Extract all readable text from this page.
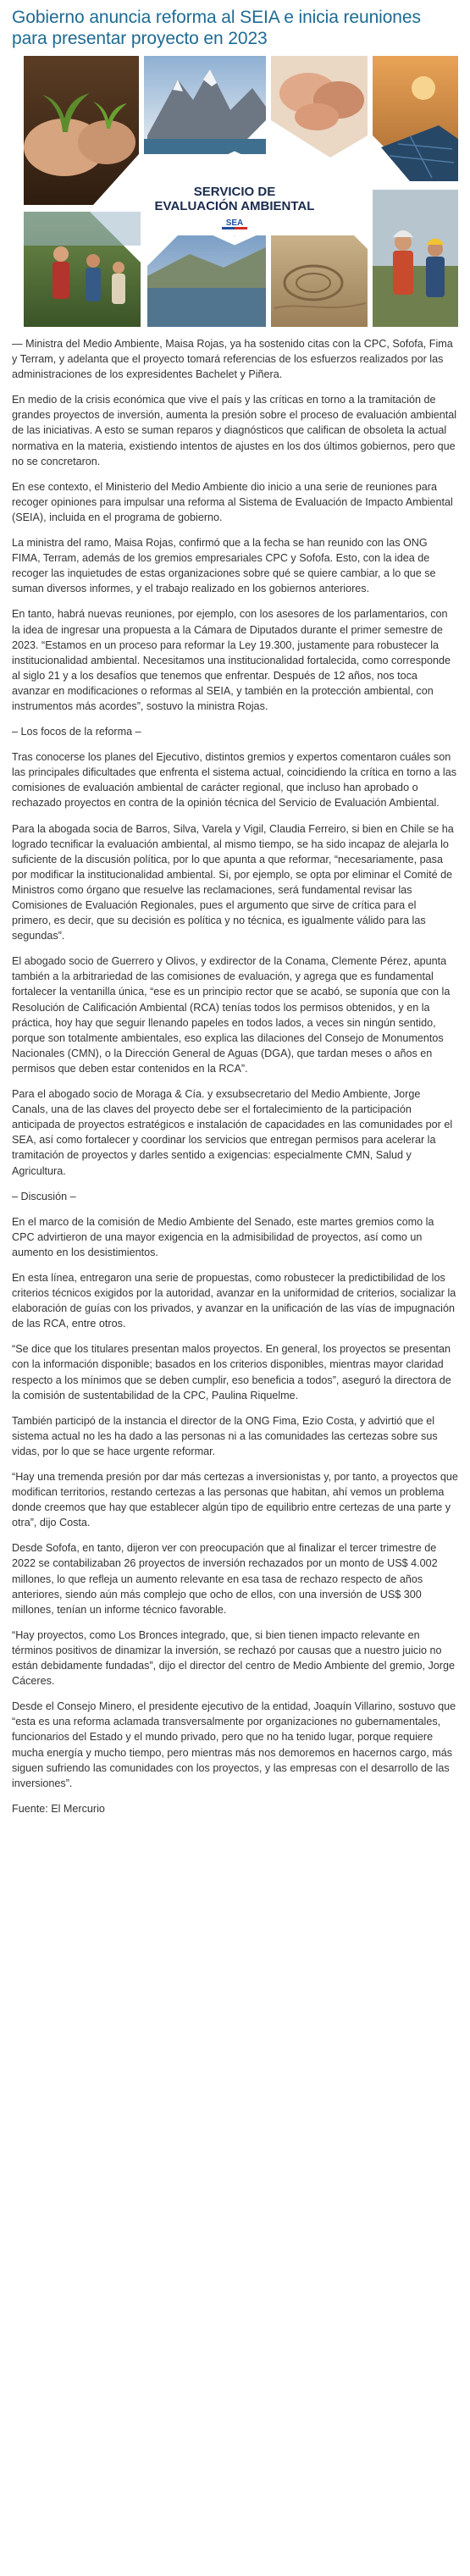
Gobierno anuncia reforma al SEIA e inicia reuniones para presentar proyecto en 2023
SERVICIO DE
EVALUACIÓN AMBIENTAL
SEA

— Ministra del Medio Ambiente, Maisa Rojas, ya ha sostenido citas con la CPC, Sofofa, Fima y Terram, y adelanta que el proyecto tomará referencias de los esfuerzos realizados por las administraciones de los expresidentes Bachelet y Piñera.

En medio de la crisis económica que vive el país y las críticas en torno a la tramitación de grandes proyectos de inversión, aumenta la presión sobre el proceso de evaluación ambiental de las iniciativas. A esto se suman reparos y diagnósticos que califican de obsoleta la actual normativa en la materia, existiendo intentos de ajustes en los dos últimos gobiernos, pero que no se concretaron.

En ese contexto, el Ministerio del Medio Ambiente dio inicio a una serie de reuniones para recoger opiniones para impulsar una reforma al Sistema de Evaluación de Impacto Ambiental (SEIA), incluida en el programa de gobierno.

La ministra del ramo, Maisa Rojas, confirmó que a la fecha se han reunido con las ONG FIMA, Terram, además de los gremios empresariales CPC y Sofofa. Esto, con la idea de recoger las inquietudes de estas organizaciones sobre qué se quiere cambiar, a lo que se suman diversos informes, y el trabajo realizado en los gobiernos anteriores.

En tanto, habrá nuevas reuniones, por ejemplo, con los asesores de los parlamentarios, con la idea de ingresar una propuesta a la Cámara de Diputados durante el primer semestre de 2023. “Estamos en un proceso para reformar la Ley 19.300, justamente para robustecer la institucionalidad ambiental. Necesitamos una institucionalidad fortalecida, como corresponde al siglo 21 y a los desafíos que tenemos que enfrentar. Después de 12 años, nos toca avanzar en modificaciones o reformas al SEIA, y también en la protección ambiental, con instrumentos más acordes”, sostuvo la ministra Rojas.

– Los focos de la reforma –

Tras conocerse los planes del Ejecutivo, distintos gremios y expertos comentaron cuáles son las principales dificultades que enfrenta el sistema actual, coincidiendo la crítica en torno a las comisiones de evaluación ambiental de carácter regional, que incluso han aprobado o rechazado proyectos en contra de la opinión técnica del Servicio de Evaluación Ambiental.

Para la abogada socia de Barros, Silva, Varela y Vigil, Claudia Ferreiro, si bien en Chile se ha logrado tecnificar la evaluación ambiental, al mismo tiempo, se ha sido incapaz de alejarla lo suficiente de la discusión política, por lo que apunta a que reformar, “necesariamente, pasa por modificar la institucionalidad ambiental. Si, por ejemplo, se opta por eliminar el Comité de Ministros como órgano que resuelve las reclamaciones, será fundamental revisar las Comisiones de Evaluación Regionales, pues el argumento que sirve de crítica para el primero, es decir, que su decisión es política y no técnica, es igualmente válido para las segundas”.

El abogado socio de Guerrero y Olivos, y exdirector de la Conama, Clemente Pérez, apunta también a la arbitrariedad de las comisiones de evaluación, y agrega que es fundamental fortalecer la ventanilla única, “ese es un principio rector que se acabó, se suponía que con la Resolución de Calificación Ambiental (RCA) tenías todos los permisos obtenidos, y en la práctica, hoy hay que seguir llenando papeles en todos lados, a veces sin ningún sentido, porque son totalmente ambientales, eso explica las dilaciones del Consejo de Monumentos Nacionales (CMN), o la Dirección General de Aguas (DGA), que tardan meses o años en permisos que deben estar contenidos en la RCA”.

Para el abogado socio de Moraga & Cía. y exsubsecretario del Medio Ambiente, Jorge Canals, una de las claves del proyecto debe ser el fortalecimiento de la participación anticipada de proyectos estratégicos e instalación de capacidades en las comunidades por el SEA, así como fortalecer y coordinar los servicios que entregan permisos para acelerar la tramitación de proyectos y darles sentido a exigencias: especialmente CMN, Salud y Agricultura.

– Discusión –

En el marco de la comisión de Medio Ambiente del Senado, este martes gremios como la CPC advirtieron de una mayor exigencia en la admisibilidad de proyectos, así como un aumento en los desistimientos.

En esta línea, entregaron una serie de propuestas, como robustecer la predictibilidad de los criterios técnicos exigidos por la autoridad, avanzar en la uniformidad de criterios, socializar la elaboración de guías con los privados, y avanzar en la unificación de las vías de impugnación de las RCA, entre otros.

“Se dice que los titulares presentan malos proyectos. En general, los proyectos se presentan con la información disponible; basados en los criterios disponibles, mientras mayor claridad respecto a los mínimos que se deben cumplir, eso beneficia a todos”, aseguró la directora de la comisión de sustentabilidad de la CPC, Paulina Riquelme.

También participó de la instancia el director de la ONG Fima, Ezio Costa, y advirtió que el sistema actual no les ha dado a las personas ni a las comunidades las certezas sobre sus vidas, por lo que se hace urgente reformar.

“Hay una tremenda presión por dar más certezas a inversionistas y, por tanto, a proyectos que modifican territorios, restando certezas a las personas que habitan, ahí vemos un problema donde creemos que hay que establecer algún tipo de equilibrio entre certezas de una parte y otra”, dijo Costa.

Desde Sofofa, en tanto, dijeron ver con preocupación que al finalizar el tercer trimestre de 2022 se contabilizaban 26 proyectos de inversión rechazados por un monto de US$ 4.002 millones, lo que refleja un aumento relevante en esa tasa de rechazo respecto de años anteriores, siendo aún más complejo que ocho de ellos, con una inversión de US$ 300 millones, tenían un informe técnico favorable.

“Hay proyectos, como Los Bronces integrado, que, si bien tienen impacto relevante en términos positivos de dinamizar la inversión, se rechazó por causas que a nuestro juicio no están debidamente fundadas”, dijo el director del centro de Medio Ambiente del gremio, Jorge Cáceres.

Desde el Consejo Minero, el presidente ejecutivo de la entidad, Joaquín Villarino, sostuvo que “esta es una reforma aclamada transversalmente por organizaciones no gubernamentales, funcionarios del Estado y el mundo privado, pero que no ha tenido lugar, porque requiere mucha energía y mucho tiempo, pero mientras más nos demoremos en hacernos cargo, más siguen sufriendo las comunidades con los proyectos, y las empresas con el desarrollo de las inversiones”.

Fuente: El Mercurio
